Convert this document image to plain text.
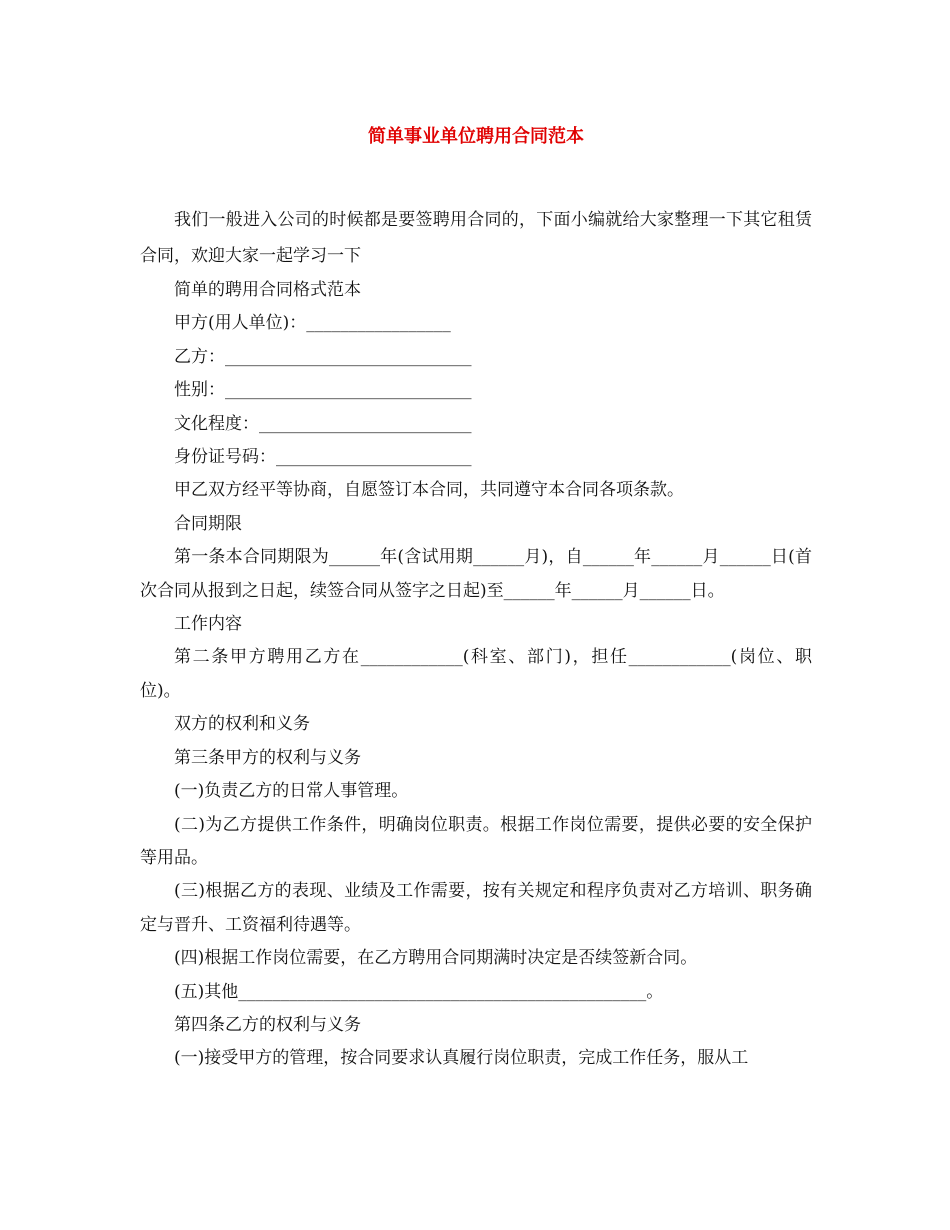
简单事业单位聘用合同范本

我们一般进入公司的时候都是要签聘用合同的，下面小编就给大家整理一下其它租赁合同，欢迎大家一起学习一下

简单的聘用合同格式范本

甲方(用人单位)：_________________

乙方：_____________________________

性别：_____________________________

文化程度：_________________________

身份证号码：_______________________

甲乙双方经平等协商，自愿签订本合同，共同遵守本合同各项条款。

合同期限

第一条本合同期限为______年(含试用期______月)，自______年______月______日(首次合同从报到之日起，续签合同从签字之日起)至______年______月______日。

工作内容

第二条甲方聘用乙方在____________(科室、部门)，担任____________(岗位、职位)。

双方的权利和义务

第三条甲方的权利与义务

(一)负责乙方的日常人事管理。

(二)为乙方提供工作条件，明确岗位职责。根据工作岗位需要，提供必要的安全保护等用品。

(三)根据乙方的表现、业绩及工作需要，按有关规定和程序负责对乙方培训、职务确定与晋升、工资福利待遇等。

(四)根据工作岗位需要，在乙方聘用合同期满时决定是否续签新合同。

(五)其他________________________________________________。

第四条乙方的权利与义务

(一)接受甲方的管理，按合同要求认真履行岗位职责，完成工作任务，服从工
